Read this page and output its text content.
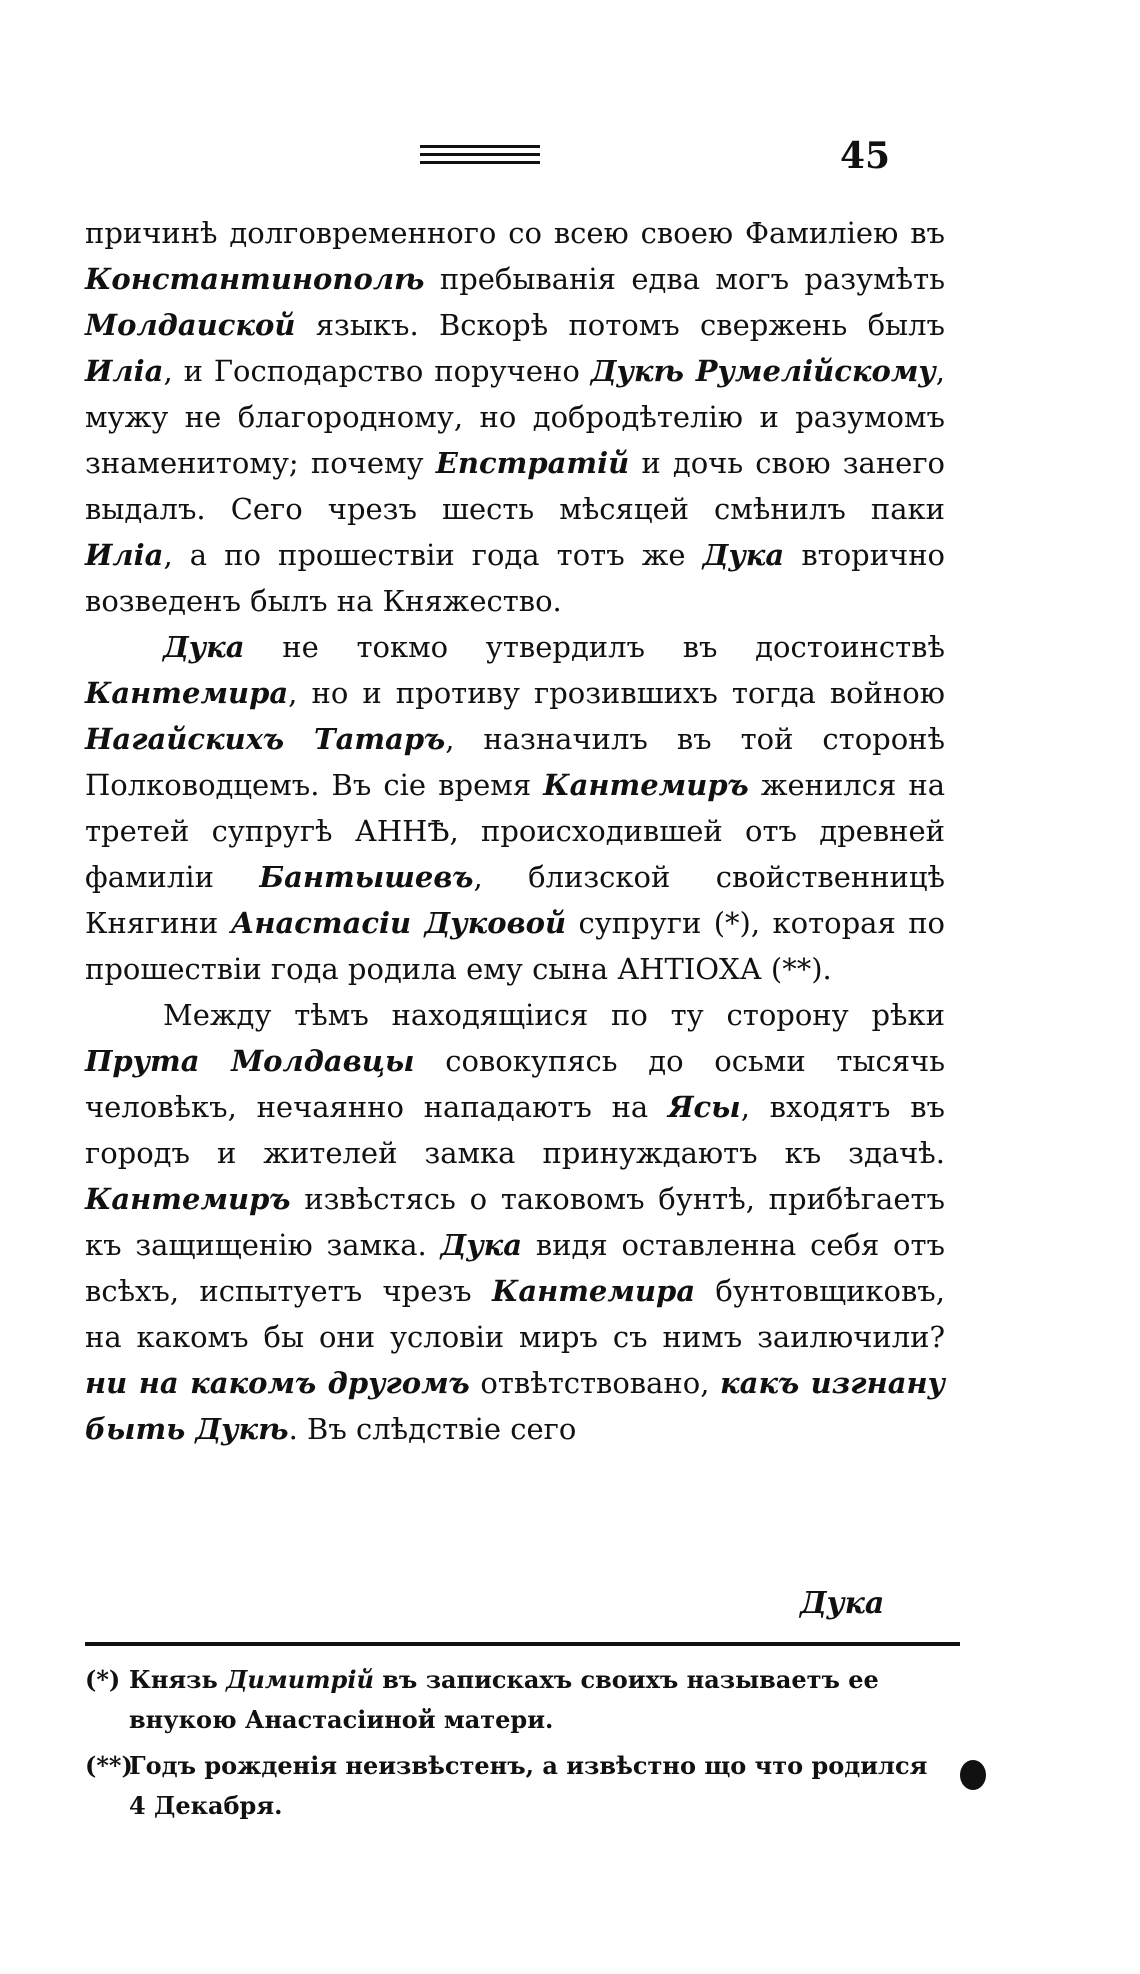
45

причинѣ долговременного со всею своею Фамиліею въ Константинополѣ пребыванія едва могъ разумѣть Молдаиской языкъ. Вскорѣ потомъ свержень былъ Иліа, и Господарство поручено Дукѣ Румелійскому, мужу не благородному, но добродѣтелію и разумомъ знаменитому; почему Епстратій и дочь свою занего выдалъ. Сего чрезъ шесть мѣсяцей смѣнилъ паки Иліа, а по прошествіи года тотъ же Дука вторично возведенъ былъ на Княжество.

Дука не токмо утвердилъ въ достоинствѣ Кантемира, но и противу грозившихъ тогда войною Нагайскихъ Татаръ, назначилъ въ той сторонѣ Полководцемъ. Въ сіе время Кантемиръ женился на третей супругѣ АННѢ, происходившей отъ древней фамиліи Бантышевъ, близской свойственницѣ Княгини Анастасіи Дуковой супруги (*), которая по прошествіи года родила ему сына АНТІОХА (**).

Между тѣмъ находящіися по ту сторону рѣки Прута Молдавцы совокупясь до осьми тысячь человѣкъ, нечаянно нападаютъ на Ясы, входятъ въ городъ и жителей замка принуждаютъ къ здачѣ. Кантемиръ извѣстясь о таковомъ бунтѣ, прибѣгаетъ къ защищенію замка. Дука видя оставленна себя отъ всѣхъ, испытуетъ чрезъ Кантемира бунтовщиковъ, на какомъ бы они условіи миръ съ нимъ заилючили? ни на какомъ другомъ отвѣтствовано, какъ изгнану быть Дукѣ. Въ слѣдствіе сего

Дука
(*) Князь Димитрій въ запискахъ своихъ называетъ ее внукою Анастасіиной матери.
(**)Годъ рожденія неизвѣстенъ, а извѣстно що что родился 4 Декабря.
